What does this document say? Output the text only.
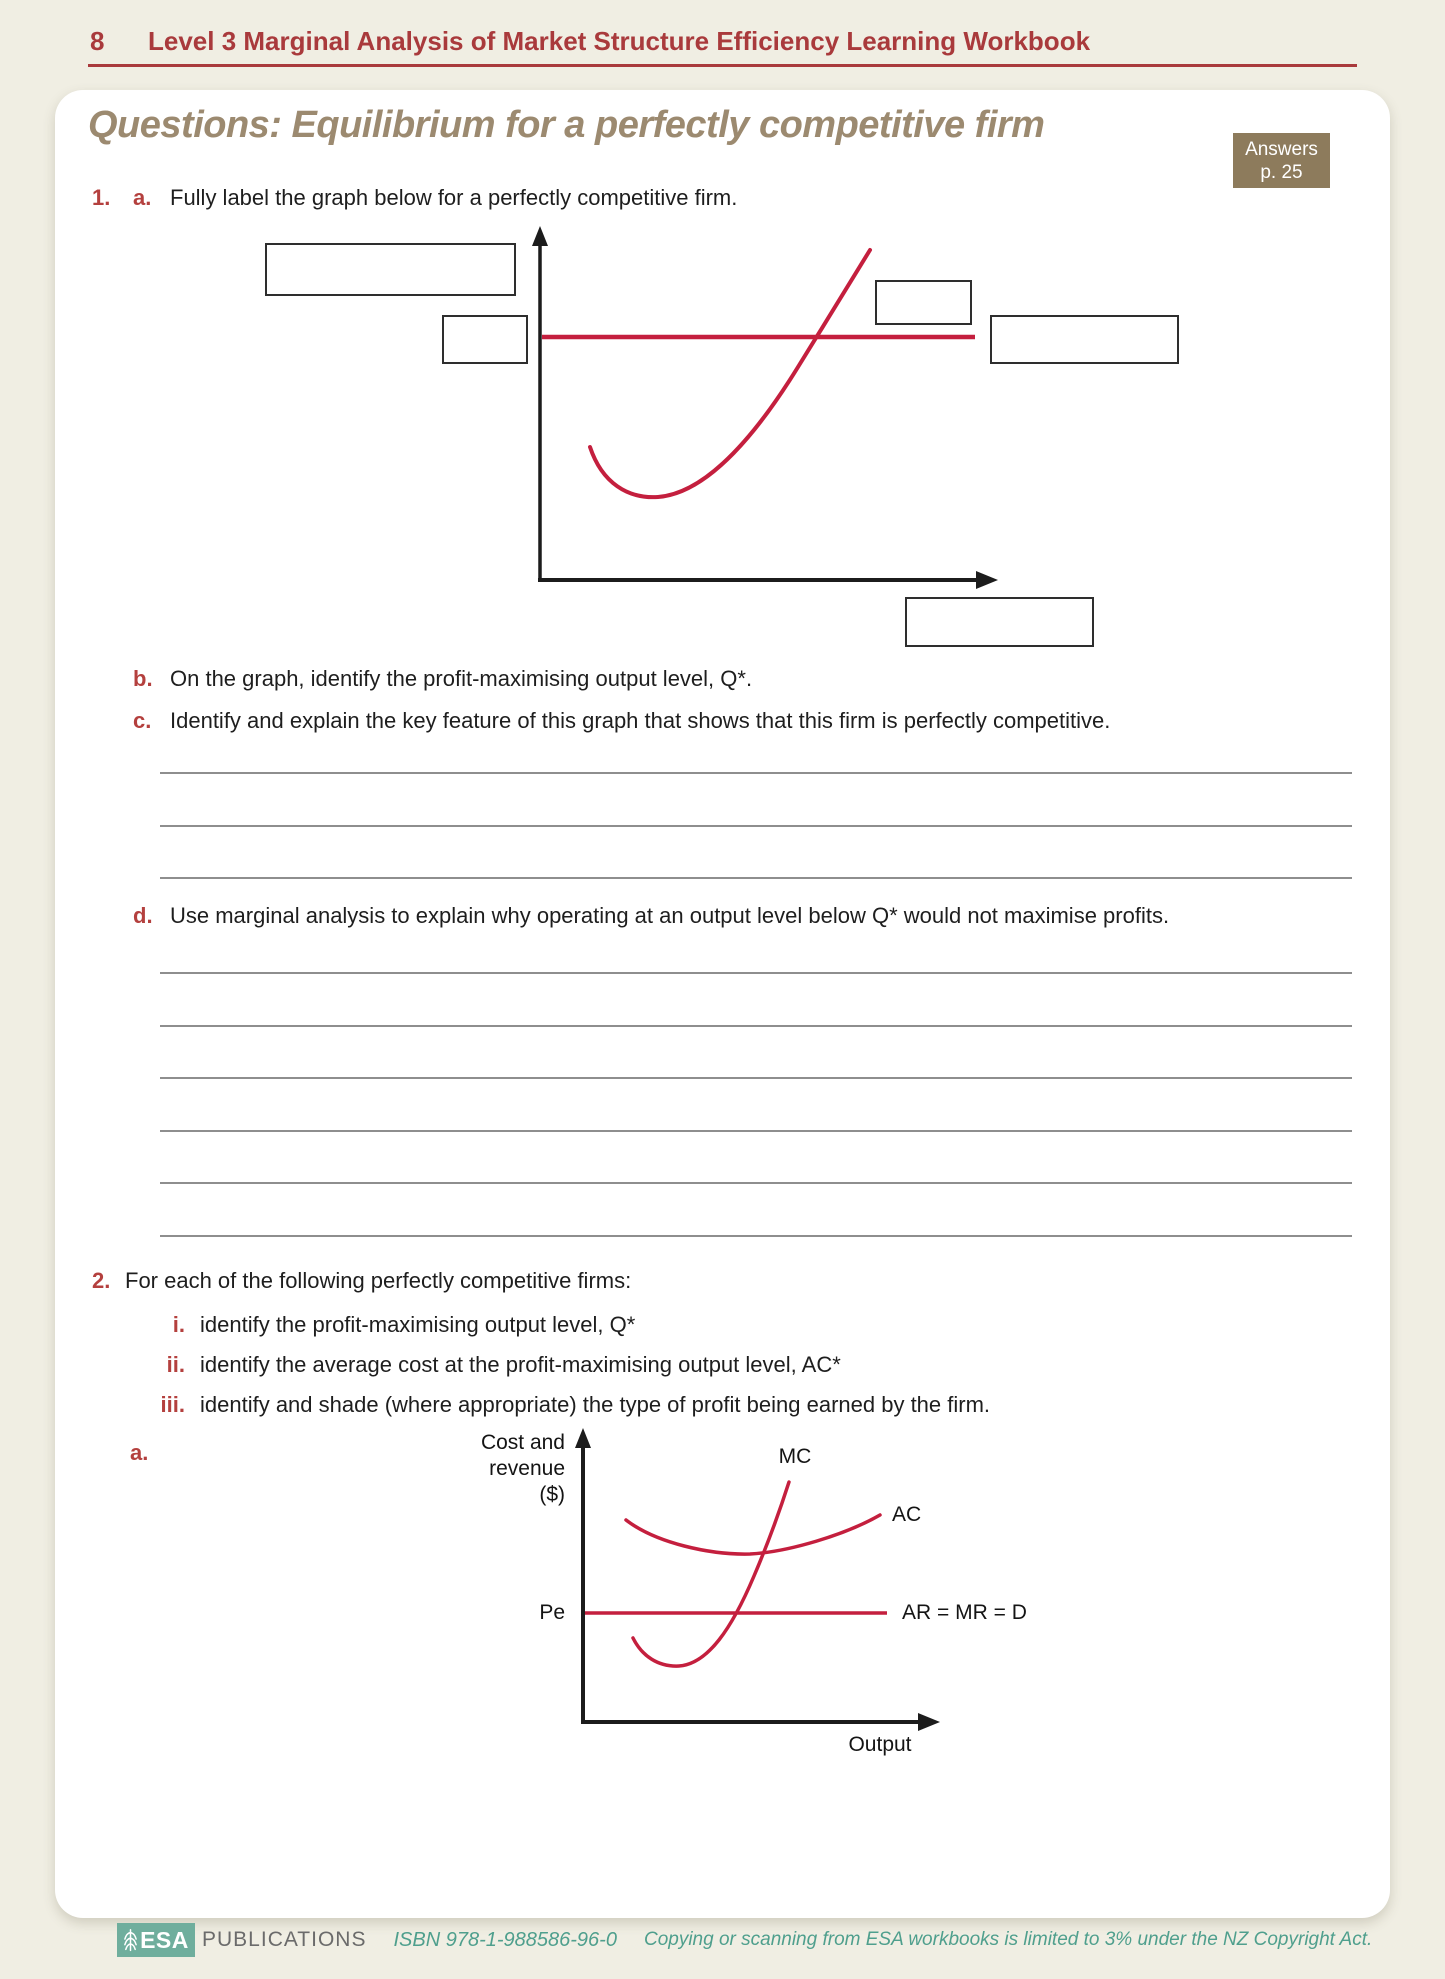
8 Level 3 Marginal Analysis of Market Structure Efficiency Learning Workbook
Questions: Equilibrium for a perfectly competitive firm
Answers
p. 25
1. a. Fully label the graph below for a perfectly competitive firm.
b. On the graph, identify the profit-maximising output level, Q*.
c. Identify and explain the key feature of this graph that shows that this firm is perfectly competitive.
d. Use marginal analysis to explain why operating at an output level below Q* would not maximise profits.
2. For each of the following perfectly competitive firms:
i. identify the profit-maximising output level, Q*
ii. identify the average cost at the profit-maximising output level, AC*
iii. identify and shade (where appropriate) the type of profit being earned by the firm.
a.	Cost and
revenue
($)
MC
AC
Pe	AR = MR = D
Output
ESA PUBLICATIONS ISBN 978-1-988586-96-0 Copying or scanning from ESA workbooks is limited to 3% under the NZ Copyright Act.
